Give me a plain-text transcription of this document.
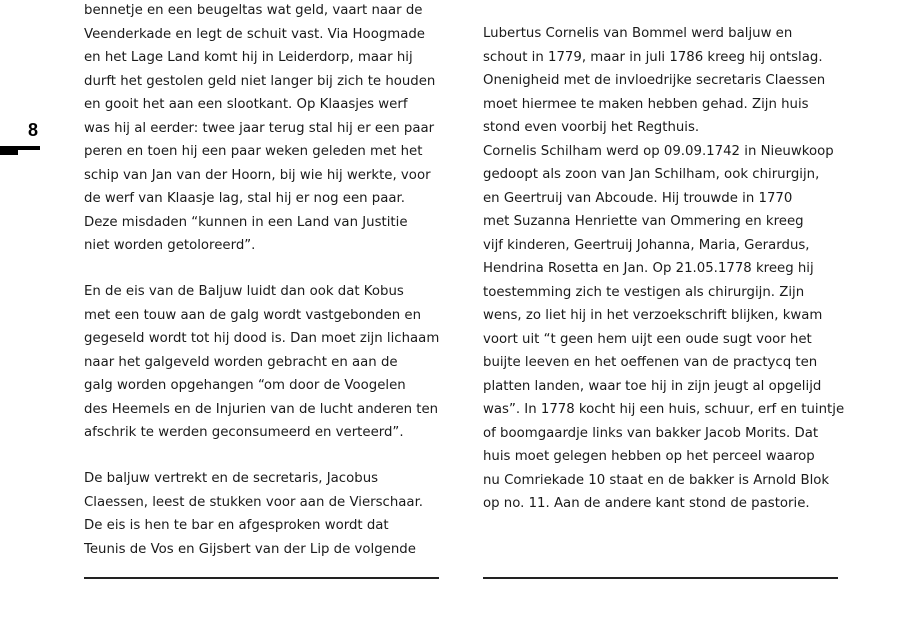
8
bennetje en een beugeltas wat geld, vaart naar de
Veenderkade en legt de schuit vast. Via Hoogmade
en het Lage Land komt hij in Leiderdorp, maar hij
durft het gestolen geld niet langer bij zich te houden
en gooit het aan een slootkant. Op Klaasjes werf
was hij al eerder: twee jaar terug stal hij er een paar
peren en toen hij een paar weken geleden met het
schip van Jan van der Hoorn, bij wie hij werkte, voor
de werf van Klaasje lag, stal hij er nog een paar.
Deze misdaden “kunnen in een Land van Justitie
niet worden getoloreerd”.
En de eis van de Baljuw luidt dan ook dat Kobus
met een touw aan de galg wordt vastgebonden en
gegeseld wordt tot hij dood is. Dan moet zijn lichaam
naar het galgeveld worden gebracht en aan de
galg worden opgehangen “om door de Voogelen
des Heemels en de Injurien van de lucht anderen ten
afschrik te werden geconsumeerd en verteerd”.
De baljuw vertrekt en de secretaris, Jacobus
Claessen, leest de stukken voor aan de Vierschaar.
De eis is hen te bar en afgesproken wordt dat
Teunis de Vos en Gijsbert van der Lip de volgende
Lubertus Cornelis van Bommel werd baljuw en
schout in 1779, maar in juli 1786 kreeg hij ontslag.
Onenigheid met de invloedrijke secretaris Claessen
moet hiermee te maken hebben gehad. Zijn huis
stond even voorbij het Regthuis.
Cornelis Schilham werd op 09.09.1742 in Nieuwkoop
gedoopt als zoon van Jan Schilham, ook chirurgijn,
en Geertruij van Abcoude. Hij trouwde in 1770
met Suzanna Henriette van Ommering en kreeg
vijf kinderen, Geertruij Johanna, Maria, Gerardus,
Hendrina Rosetta en Jan. Op 21.05.1778 kreeg hij
toestemming zich te vestigen als chirurgijn. Zijn
wens, zo liet hij in het verzoekschrift blijken, kwam
voort uit “t geen hem uijt een oude sugt voor het
buijte leeven en het oeffenen van de practycq ten
platten landen, waar toe hij in zijn jeugt al opgelijd
was”. In 1778 kocht hij een huis, schuur, erf en tuintje
of boomgaardje links van bakker Jacob Morits. Dat
huis moet gelegen hebben op het perceel waarop
nu Comriekade 10 staat en de bakker is Arnold Blok
op no. 11. Aan de andere kant stond de pastorie.
